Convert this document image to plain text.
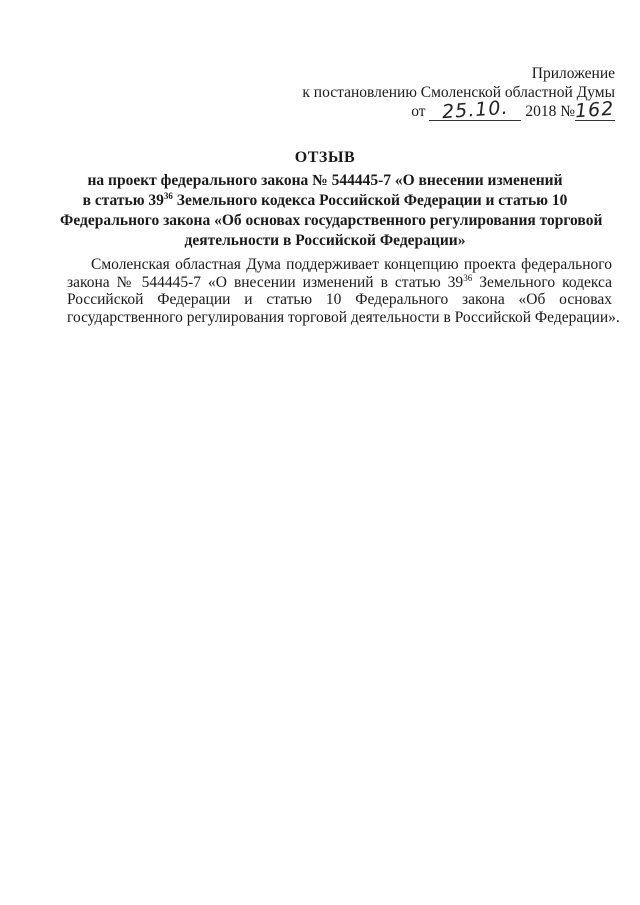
Приложение
к постановлению Смоленской областной Думы
от 25.10. 2018 №162
ОТЗЫВ
на проект федерального закона № 544445-7 «О внесении изменений
в статью $39^{36}$ Земельного кодекса Российской Федерации и статью 10
Федерального закона «Об основах государственного регулирования торговой
деятельности в Российской Федерации»
Смоленская областная Дума поддерживает концепцию проекта федерального
закона № 544445-7 «О внесении изменений в статью $39^{36}$ Земельного кодекса
Российской Федерации и статью 10 Федерального закона «Об основах
государственного регулирования торговой деятельности в Российской Федерации».
